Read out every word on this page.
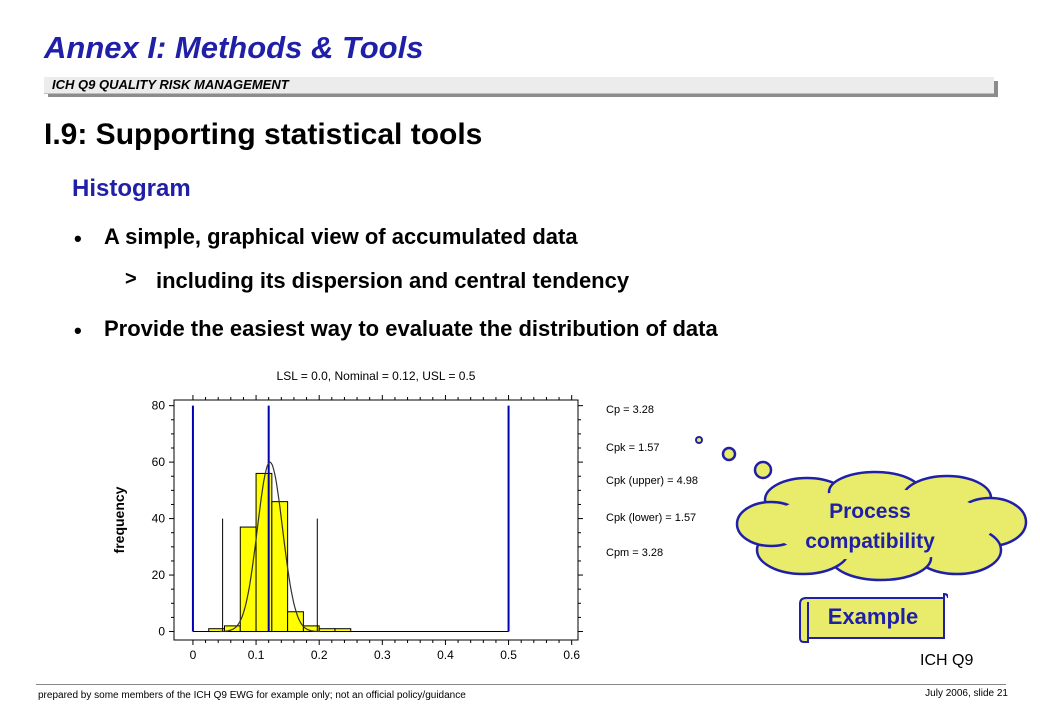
Annex I: Methods & Tools
ICH Q9 QUALITY RISK MANAGEMENT
I.9: Supporting statistical tools
Histogram
• A simple, graphical view of accumulated data
> including its dispersion and central tendency
• Provide the easiest way to evaluate the distribution of data
LSL = 0.0, Nominal = 0.12, USL = 0.5
0
20
40
60
80
0	0.1	0.2	0.3	0.4	0.5	0.6
frequency
Cp = 3.28
Cpk = 1.57
Cpk (upper) = 4.98
Cpk (lower) = 1.57
Cpm = 3.28
Process
compatibility
Example
ICH Q9
prepared by some members of the ICH Q9 EWG for example only; not an official policy/guidance	July 2006, slide 21
